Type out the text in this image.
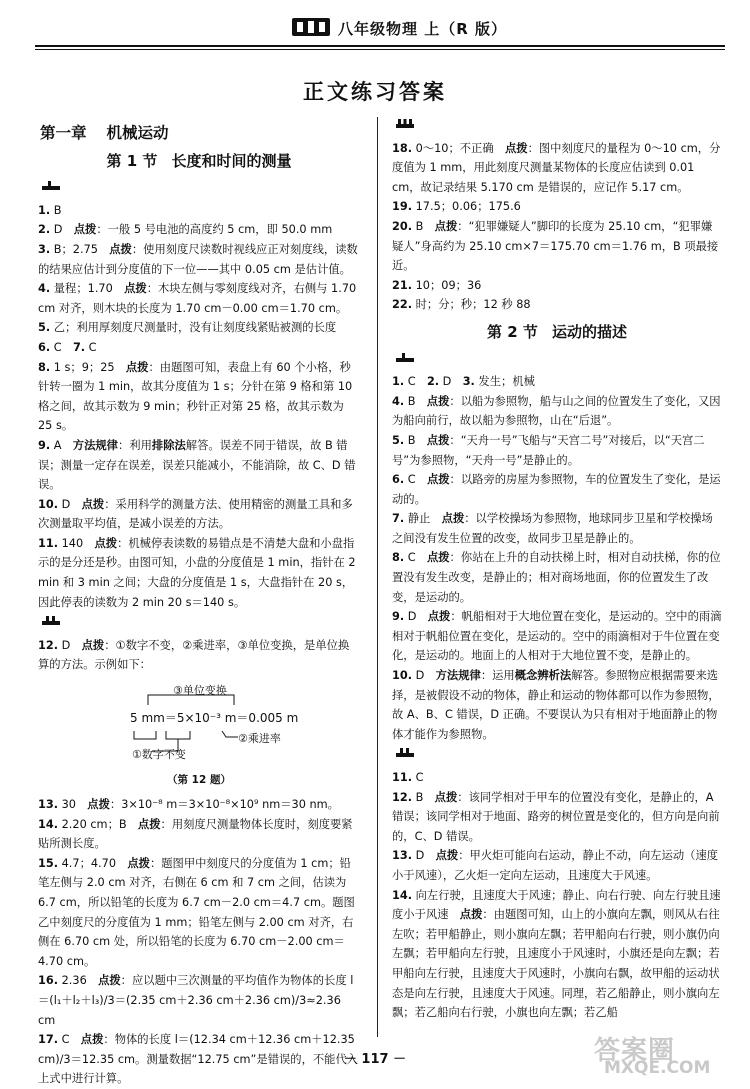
八年级物理 上（R 版）
正文练习答案
第一章 机械运动
第 1 节 长度和时间的测量

1. B

2. D　点拨：一般 5 号电池的高度约 5 cm，即 50.0 mm

3. B；2.75　点拨：使用刻度尺读数时视线应正对刻度线，读数的结果应估计到分度值的下一位——其中 0.05 cm 是估计值。

4. 量程；1.70　点拨：木块左侧与零刻度线对齐，右侧与 1.70 cm 对齐，则木块的长度为 1.70 cm－0.00 cm＝1.70 cm。

5. 乙；利用厚刻度尺测量时，没有让刻度线紧贴被测的长度

6. C　7. C

8. 1 s；9；25　点拨：由题图可知，表盘上有 60 个小格，秒针转一圈为 1 min，故其分度值为 1 s；分针在第 9 格和第 10 格之间，故其示数为 9 min；秒针正对第 25 格，故其示数为 25 s。

9. A　方法规律：利用排除法解答。误差不同于错误，故 B 错误；测量一定存在误差，误差只能减小，不能消除，故 C、D 错误。

10. D　点拨：采用科学的测量方法、使用精密的测量工具和多次测量取平均值，是减小误差的方法。

11. 140　点拨：机械停表读数的易错点是不清楚大盘和小盘指示的是分还是秒。由图可知，小盘的分度值是 1 min，指针在 2 min 和 3 min 之间；大盘的分度值是 1 s，大盘指针在 20 s，因此停表的读数为 2 min 20 s＝140 s。

12. D　点拨：①数字不变，②乘进率，③单位变换，是单位换算的方法。示例如下：

③单位变换
5 mm＝5×10⁻³ m＝0.005 m
②乘进率
①数字不变
（第 12 题）

13. 30　点拨：3×10⁻⁸ m＝3×10⁻⁸×10⁹ nm＝30 nm。

14. 2.20 cm；B　点拨：用刻度尺测量物体长度时，刻度要紧贴所测长度。

15. 4.7；4.70　点拨：题图甲中刻度尺的分度值为 1 cm；铅笔左侧与 2.0 cm 对齐，右侧在 6 cm 和 7 cm 之间，估读为 6.7 cm，所以铅笔的长度为 6.7 cm－2.0 cm＝4.7 cm。题图乙中刻度尺的分度值为 1 mm；铅笔左侧与 2.00 cm 对齐，右侧在 6.70 cm 处，所以铅笔的长度为 6.70 cm－2.00 cm＝4.70 cm。

16. 2.36　点拨：应以题中三次测量的平均值作为物体的长度 l＝(l₁＋l₂＋l₃)/3＝(2.35 cm＋2.36 cm＋2.36 cm)/3≈2.36 cm

17. C　点拨：物体的长度 l＝(12.34 cm＋12.36 cm＋12.35 cm)/3＝12.35 cm。测量数据“12.75 cm”是错误的，不能代入上式中进行计算。

18. 0～10；不正确　点拨：图中刻度尺的量程为 0～10 cm，分度值为 1 mm，用此刻度尺测量某物体的长度应估读到 0.01 cm，故记录结果 5.170 cm 是错误的，应记作 5.17 cm。

19. 17.5；0.06；175.6

20. B　点拨：“犯罪嫌疑人”脚印的长度为 25.10 cm，“犯罪嫌疑人”身高约为 25.10 cm×7＝175.70 cm＝1.76 m，B 项最接近。

21. 10；09；36

22. 时；分；秒；12 秒 88

第 2 节 运动的描述

1. C　2. D　3. 发生；机械

4. B　点拨：以船为参照物，船与山之间的位置发生了变化，又因为船向前行，故以船为参照物，山在“后退”。

5. B　点拨：“天舟一号”飞船与“天宫二号”对接后，以“天宫二号”为参照物，“天舟一号”是静止的。

6. C　点拨：以路旁的房屋为参照物，车的位置发生了变化，是运动的。

7. 静止　点拨：以学校操场为参照物，地球同步卫星和学校操场之间没有发生位置的改变，故同步卫星是静止的。

8. C　点拨：你站在上升的自动扶梯上时，相对自动扶梯，你的位置没有发生改变，是静止的；相对商场地面，你的位置发生了改变，是运动的。

9. D　点拨：帆船相对于大地位置在变化，是运动的。空中的雨滴相对于帆船位置在变化，是运动的。空中的雨滴相对于牛位置在变化，是运动的。地面上的人相对于大地位置不变，是静止的。

10. D　方法规律：运用概念辨析法解答。参照物应根据需要来选择，是被假设不动的物体，静止和运动的物体都可以作为参照物，故 A、B、C 错误，D 正确。不要误认为只有相对于地面静止的物体才能作为参照物。

11. C

12. B　点拨：该同学相对于甲车的位置没有变化，是静止的，A 错误；该同学相对于地面、路旁的树位置是变化的，但方向是向前的，C、D 错误。

13. D　点拨：甲火炬可能向右运动，静止不动，向左运动（速度小于风速），乙火炬一定向左运动，且速度大于风速。

14. 向左行驶，且速度大于风速；静止、向右行驶、向左行驶且速度小于风速　点拨：由题图可知，山上的小旗向左飘，则风从右往左吹；若甲船静止，则小旗向左飘；若甲船向右行驶，则小旗仍向左飘；若甲船向左行驶，且速度小于风速时，小旗还是向左飘；若甲船向左行驶，且速度大于风速时，小旗向右飘，故甲船的运动状态是向左行驶，且速度大于风速。同理，若乙船静止，则小旗向左飘；若乙船向右行驶，小旗也向左飘；若乙船

－ 117 －	答案圈
MXQE.COM
